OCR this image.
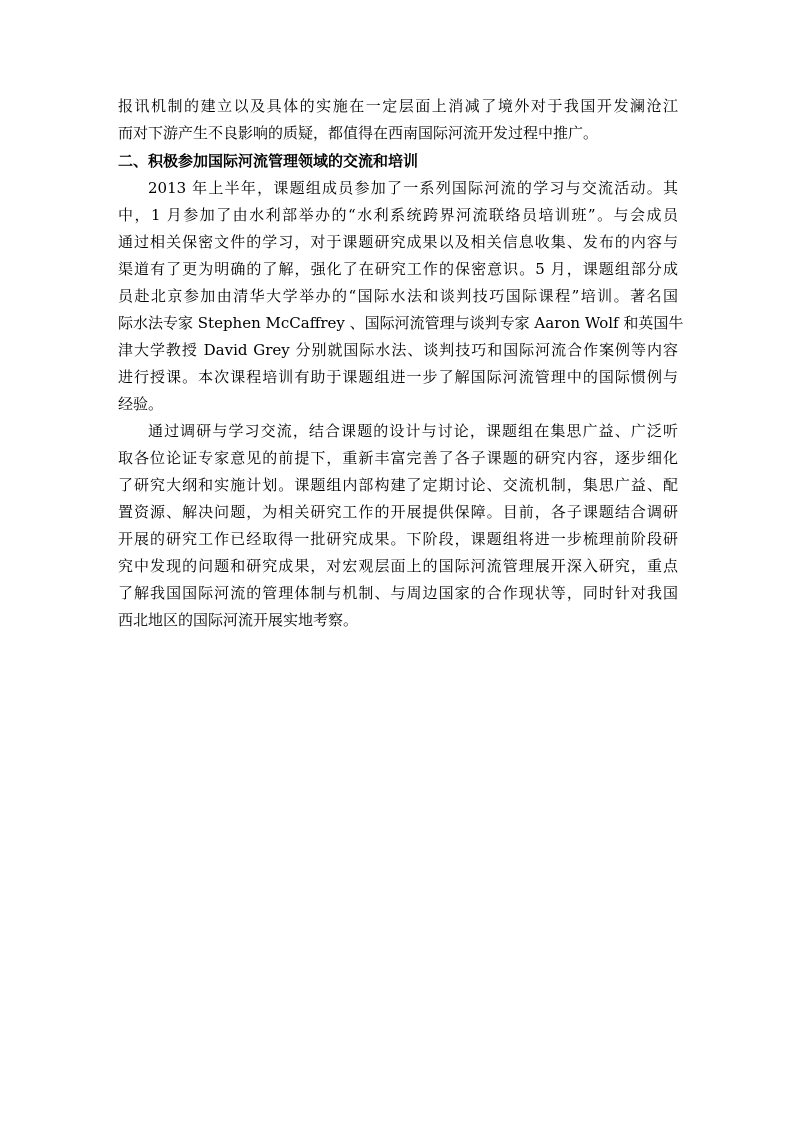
报讯机制的建立以及具体的实施在一定层面上消减了境外对于我国开发澜沧江
而对下游产生不良影响的质疑，都值得在西南国际河流开发过程中推广。
二、积极参加国际河流管理领域的交流和培训
2013 年上半年，课题组成员参加了一系列国际河流的学习与交流活动。其
中，1 月参加了由水利部举办的“水利系统跨界河流联络员培训班”。与会成员
通过相关保密文件的学习，对于课题研究成果以及相关信息收集、发布的内容与
渠道有了更为明确的了解，强化了在研究工作的保密意识。5 月，课题组部分成
员赴北京参加由清华大学举办的“国际水法和谈判技巧国际课程”培训。著名国
际水法专家 Stephen McCaffrey 、国际河流管理与谈判专家 Aaron Wolf 和英国牛
津大学教授 David Grey 分别就国际水法、谈判技巧和国际河流合作案例等内容
进行授课。本次课程培训有助于课题组进一步了解国际河流管理中的国际惯例与
经验。
通过调研与学习交流，结合课题的设计与讨论，课题组在集思广益、广泛听
取各位论证专家意见的前提下，重新丰富完善了各子课题的研究内容，逐步细化
了研究大纲和实施计划。课题组内部构建了定期讨论、交流机制，集思广益、配
置资源、解决问题，为相关研究工作的开展提供保障。目前，各子课题结合调研
开展的研究工作已经取得一批研究成果。下阶段，课题组将进一步梳理前阶段研
究中发现的问题和研究成果，对宏观层面上的国际河流管理展开深入研究，重点
了解我国国际河流的管理体制与机制、与周边国家的合作现状等，同时针对我国
西北地区的国际河流开展实地考察。
